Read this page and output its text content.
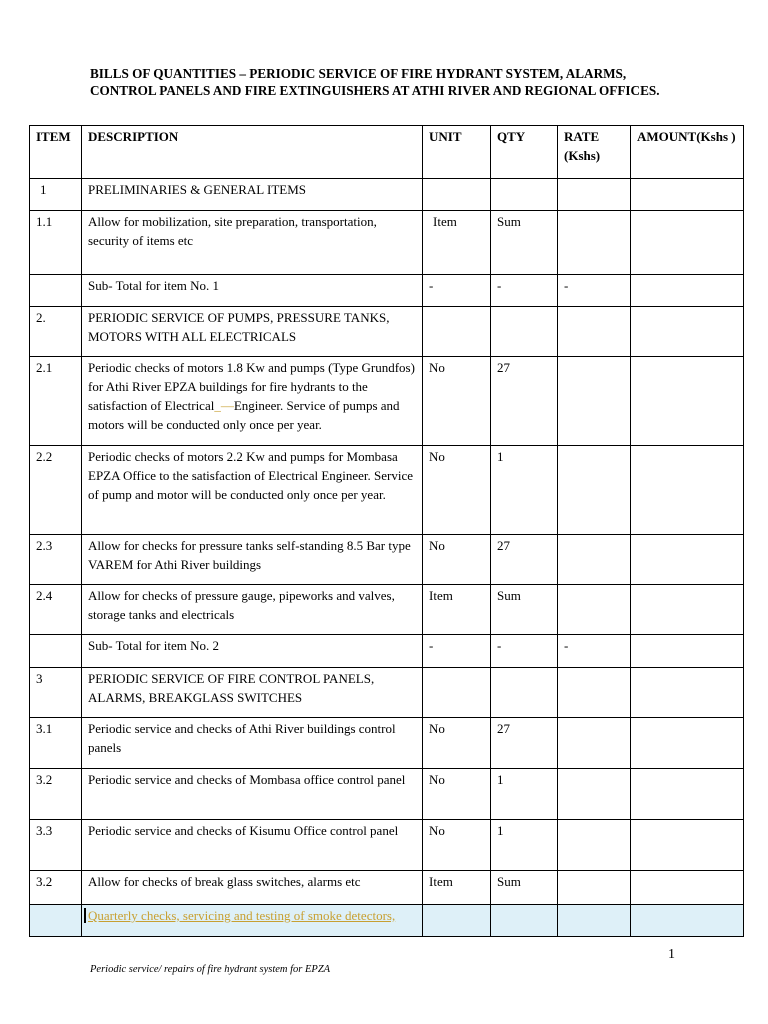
BILLS OF QUANTITIES – PERIODIC SERVICE OF FIRE HYDRANT SYSTEM, ALARMS, CONTROL PANELS AND FIRE EXTINGUISHERS AT ATHI RIVER AND REGIONAL OFFICES.
ITEM	DESCRIPTION	UNIT	QTY	RATE (Kshs)	AMOUNT(Kshs )
1	PRELIMINARIES & GENERAL ITEMS				
1.1	Allow for mobilization, site preparation, transportation, security of items etc	Item	Sum		
	Sub- Total for item No. 1	-	-	-	
2.	PERIODIC SERVICE OF PUMPS, PRESSURE TANKS, MOTORS WITH ALL ELECTRICALS				
2.1	Periodic checks of motors 1.8 Kw and pumps (Type Grundfos) for Athi River EPZA buildings for fire hydrants to the satisfaction of Electrical_—Engineer. Service of pumps and motors will be conducted only once per year.	No	27		
2.2	Periodic checks of motors 2.2 Kw and pumps for Mombasa EPZA Office to the satisfaction of Electrical Engineer. Service of pump and motor will be conducted only once per year.	No	1		
2.3	Allow for checks for pressure tanks self-standing 8.5 Bar type VAREM for Athi River buildings	No	27		
2.4	Allow for checks of pressure gauge, pipeworks and valves, storage tanks and electricals	Item	Sum		
	Sub- Total for item No. 2	-	-	-	
3	PERIODIC SERVICE OF FIRE CONTROL PANELS, ALARMS, BREAKGLASS SWITCHES				
3.1	Periodic service and checks of Athi River buildings control panels	No	27		
3.2	Periodic service and checks of Mombasa office control panel	No	1		
3.3	Periodic service and checks of Kisumu Office control panel	No	1		
3.2	Allow for checks of break glass switches, alarms etc	Item	Sum		
	Quarterly checks, servicing and testing of smoke detectors,				
1
Periodic service/ repairs of fire hydrant system for EPZA
